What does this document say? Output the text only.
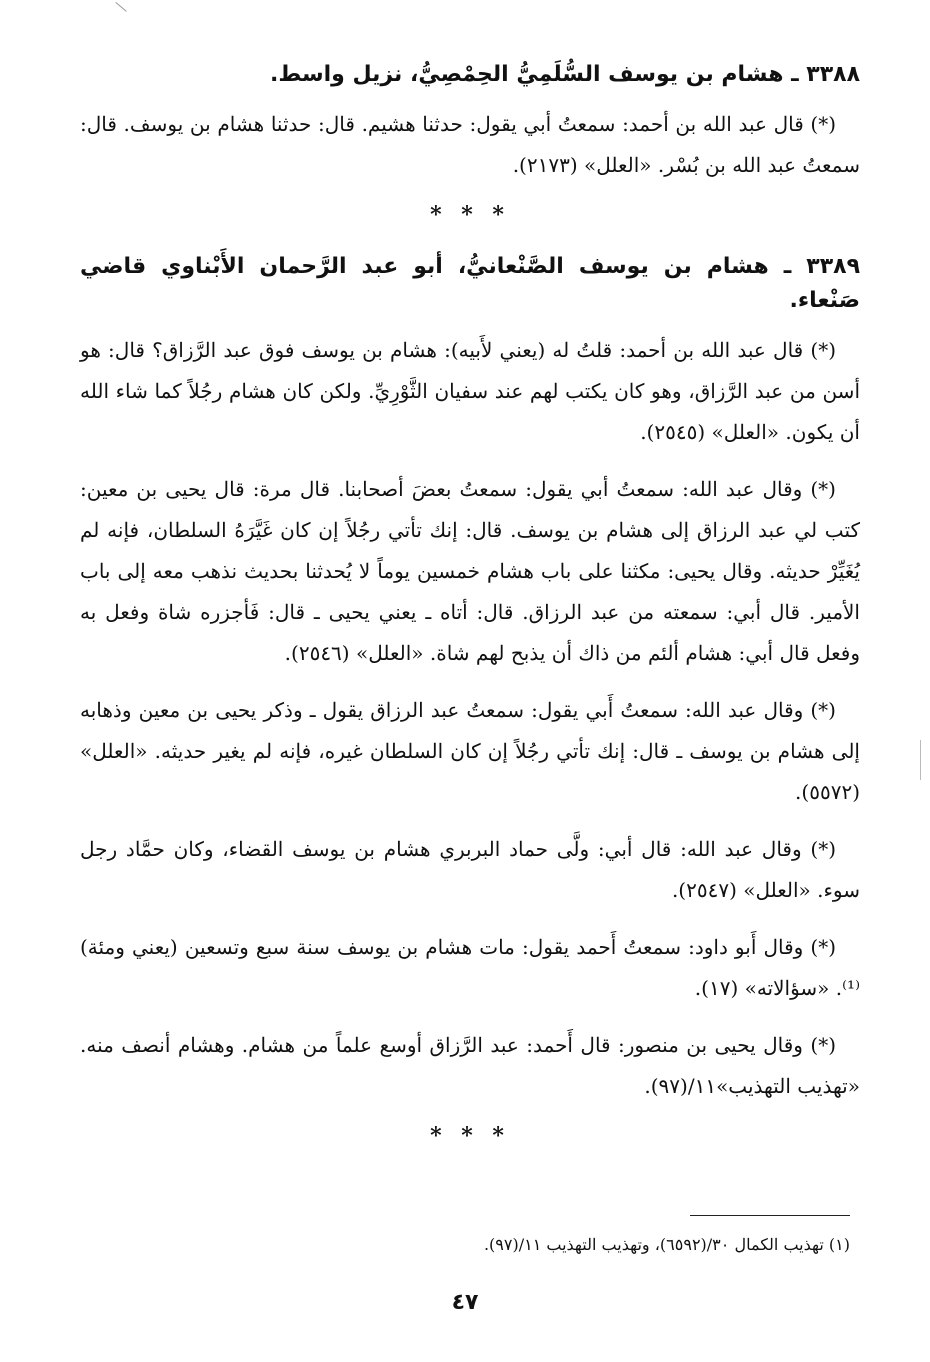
٣٣٨٨ ـ هشام بن يوسف السُّلَمِيُّ الحِمْصِيُّ، نزيل واسط.

(*) قال عبد الله بن أحمد: سمعتُ أبي يقول: حدثنا هشيم. قال: حدثنا هشام بن يوسف. قال: سمعتُ عبد الله بن بُسْر. «العلل» (٢١٧٣).

* * *
٣٣٨٩ ـ هشام بن يوسف الصَّنْعانيُّ، أبو عبد الرَّحمان الأَبْناوي قاضي صَنْعاء.

(*) قال عبد الله بن أحمد: قلتُ له (يعني لأَبيه): هشام بن يوسف فوق عبد الرَّزاق؟ قال: هو أسن من عبد الرَّزاق، وهو كان يكتب لهم عند سفيان الثَّوْرِيِّ. ولكن كان هشام رجُلاً كما شاء الله أن يكون. «العلل» (٢٥٤٥).

(*) وقال عبد الله: سمعتُ أبي يقول: سمعتُ بعضَ أصحابنا. قال مرة: قال يحيى بن معين: كتب لي عبد الرزاق إلى هشام بن يوسف. قال: إنك تأتي رجُلاً إن كان غَيَّرَهُ السلطان، فإنه لم يُغَيِّرْ حديثه. وقال يحيى: مكثنا على باب هشام خمسين يوماً لا يُحدثنا بحديث نذهب معه إلى باب الأمير. قال أبي: سمعته من عبد الرزاق. قال: أتاه ـ يعني يحيى ـ قال: فَأجزره شاة وفعل به وفعل قال أبي: هشام ألئم من ذاك أن يذبح لهم شاة. «العلل» (٢٥٤٦).

(*) وقال عبد الله: سمعتُ أَبي يقول: سمعتُ عبد الرزاق يقول ـ وذكر يحيى بن معين وذهابه إلى هشام بن يوسف ـ قال: إنك تأتي رجُلاً إن كان السلطان غيره، فإنه لم يغير حديثه. «العلل» (٥٥٧٢).

(*) وقال عبد الله: قال أبي: ولَّى حماد البربري هشام بن يوسف القضاء، وكان حمَّاد رجل سوء. «العلل» (٢٥٤٧).

(*) وقال أَبو داود: سمعتُ أَحمد يقول: مات هشام بن يوسف سنة سبع وتسعين (يعني ومئة)⁽¹⁾. «سؤالاته» (١٧).

(*) وقال يحيى بن منصور: قال أَحمد: عبد الرَّزاق أوسع علماً من هشام. وهشام أنصف منه. «تهذيب التهذيب»١١/(٩٧).

* * *
(١) تهذيب الكمال ٣٠/(٦٥٩٢)، وتهذيب التهذيب ١١/(٩٧).
٤٧
